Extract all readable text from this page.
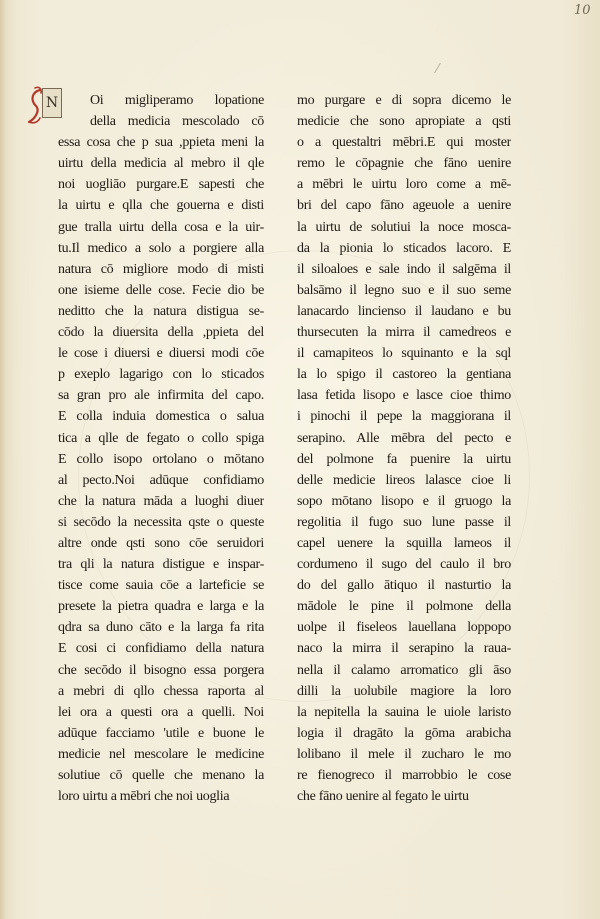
10
N Oi migliperamo lopatione
della medicia mescolado cō
essa cosa che p sua ,ppieta meni la
uirtu della medicia al mebro il qle
noi uogliāo purgare.E sapesti che
la uirtu e qlla che gouerna e disti
gue tralla uirtu della cosa e la uir-
tu.Il medico a solo a porgiere alla
natura cō migliore modo di misti
one isieme delle cose. Fecie dio be
neditto che la natura distigua se-
cōdo la diuersita della ,ppieta del
le cose i diuersi e diuersi modi cōe
p exeplo lagarigo con lo sticados
sa gran pro ale infirmita del capo.
E colla induia domestica o salua
tica a qlle de fegato o collo spiga
E collo isopo ortolano o mōtano
al pecto.Noi adūque confidiamo
che la natura māda a luoghi diuer
si secōdo la necessita qste o queste
altre onde qsti sono cōe seruidori
tra qli la natura distigue e inspar-
tisce come sauia cōe a larteficie se
presete la pietra quadra e larga e la
qdra sa duno cāto e la larga fa rita
E cosi ci confidiamo della natura
che secōdo il bisogno essa porgera
a mebri di qllo chessa raporta al
lei ora a questi ora a quelli. Noi
adūque facciamo 'utile e buone le
medicie nel mescolare le medicine
solutiue cō quelle che menano la
loro uirtu a mēbri che noi uoglia
mo purgare e di sopra dicemo le
medicie che sono apropiate a qsti
o a questaltri mēbri.E qui moster
remo le cōpagnie che fāno uenire
a mēbri le uirtu loro come a mē-
bri del capo fāno ageuole a uenire
la uirtu de solutiui la noce mosca-
da la pionia lo sticados lacoro. E
il siloaloes e sale indo il salgēma il
balsāmo il legno suo e il suo seme
lanacardo lincienso il laudano e bu
thursecuten la mirra il camedreos e
il camapiteos lo squinanto e la sql
la lo spigo il castoreo la gentiana
lasa fetida lisopo e lasce cioe thimo
i pinochi il pepe la maggiorana il
serapino. Alle mēbra del pecto e
del polmone fa puenire la uirtu
delle medicie lireos lalasce cioe li
sopo mōtano lisopo e il gruogo la
regolitia il fugo suo lune passe il
capel uenere la squilla lameos il
cordumeno il sugo del caulo il bro
do del gallo ātiquo il nasturtio la
mādole le pine il polmone della
uolpe il fiseleos lauellana loppopo
naco la mirra il serapino la raua-
nella il calamo arromatico gli āso
dilli la uolubile magiore la loro
la nepitella la sauina le uiole laristo
logia il dragāto la gōma arabicha
lolibano il mele il zucharo le mo
re fienogreco il marrobbio le cose
che fāno uenire al fegato le uirtu
